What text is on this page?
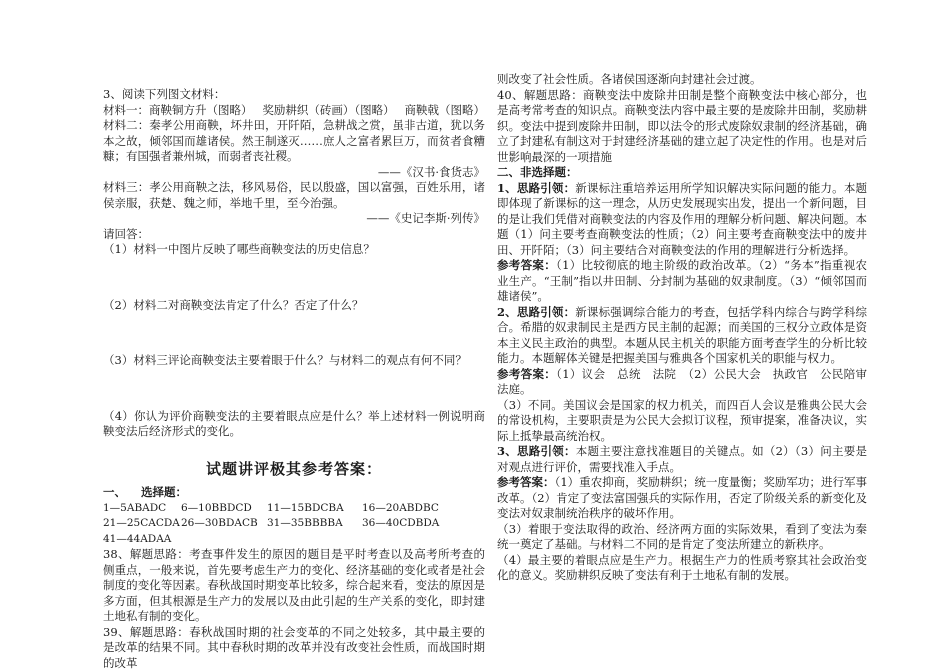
3、阅读下列图文材料：

材料一：商鞅铜方升（图略） 奖励耕织（砖画）（图略） 商鞅戟（图略）

材料二：秦孝公用商鞅，坏井田，开阡陌，急耕战之赏，虽非古道，犹以务本之故，倾邻国而雄诸侯。然王制遂灭……庶人之富者累巨万，而贫者食糟糠；有国强者兼州城，而弱者丧社稷。

——《汉书·食货志》

材料三：孝公用商鞅之法，移风易俗，民以殷盛，国以富强，百姓乐用，诸侯亲服，获楚、魏之师，举地千里，至今治强。

——《史记李斯·列传》

请回答：

（1）材料一中图片反映了哪些商鞅变法的历史信息？

（2）材料二对商鞅变法肯定了什么？否定了什么？

（3）材料三评论商鞅变法主要着眼于什么？与材料二的观点有何不同？

（4）你认为评价商鞅变法的主要着眼点应是什么？举上述材料一例说明商鞅变法后经济形式的变化。

试题讲评极其参考答案：
一、 选择题：
1—5ABADC	6—10BBDCD	11—15BDCBA	16—20ABDBC
21—25CACDA 26—30BDACB 31—35BBBBA	36—40CDBDA
41—44ADAA

38、解题思路：考查事件发生的原因的题目是平时考查以及高考所考查的侧重点，一般来说，首先要考虑生产力的变化、经济基础的变化或者是社会制度的变化等因素。春秋战国时期变革比较多，综合起来看，变法的原因是多方面，但其根源是生产力的发展以及由此引起的生产关系的变化，即封建土地私有制的变化。

39、解题思路：春秋战国时期的社会变革的不同之处较多，其中最主要的是改革的结果不同。其中春秋时期的改革并没有改变社会性质，而战国时期的改革

则改变了社会性质。各诸侯国逐渐向封建社会过渡。

40、解题思路：商鞅变法中废除井田制是整个商鞅变法中核心部分，也是高考常考查的知识点。商鞅变法内容中最主要的是废除井田制，奖励耕织。变法中提到废除井田制，即以法令的形式废除奴隶制的经济基础，确立了封建私有制这对于封建经济基础的建立起了决定性的作用。也是对后世影响最深的一项措施

二、非选择题：

1、思路引领：新课标注重培养运用所学知识解决实际问题的能力。本题即体现了新课标的这一理念，从历史发展现实出发，提出一个新问题，目的是让我们凭借对商鞅变法的内容及作用的理解分析问题、解决问题。本题（1）问主要考查商鞅变法的性质；（2）问主要考查商鞅变法中的废井田、开阡陌；（3）问主要结合对商鞅变法的作用的理解进行分析选择。

参考答案：（1）比较彻底的地主阶级的政治改革。（2）“务本”指重视农业生产。“王制”指以井田制、分封制为基础的奴隶制度。（3）“倾邻国而雄诸侯”。

2、思路引领：新课标强调综合能力的考查，包括学科内综合与跨学科综合。希腊的奴隶制民主是西方民主制的起源；而美国的三权分立政体是资本主义民主政治的典型。本题从民主机关的职能方面考查学生的分析比较能力。本题解体关键是把握美国与雅典各个国家机关的职能与权力。

参考答案：（1）议会　总统　法院　（2）公民大会　执政官　公民陪审法庭。

（3）不同。美国议会是国家的权力机关，而四百人会议是雅典公民大会的常设机构，主要职责是为公民大会拟订议程，预审提案，准备决议，实际上抵挚最高统治权。

3、思路引领：本题主要注意找准题目的关键点。如（2）（3）问主要是对观点进行评价，需要找准入手点。

参考答案：（1）重农抑商，奖励耕织；统一度量衡；奖励军功；进行军事改革。（2）肯定了变法富国强兵的实际作用，否定了阶级关系的新变化及变法对奴隶制统治秩序的破坏作用。

（3）着眼于变法取得的政治、经济两方面的实际效果，看到了变法为秦统一奠定了基础。与材料二不同的是肯定了变法所建立的新秩序。

（4）最主要的着眼点应是生产力。根据生产力的性质考察其社会政治变化的意义。奖励耕织反映了变法有利于土地私有制的发展。
